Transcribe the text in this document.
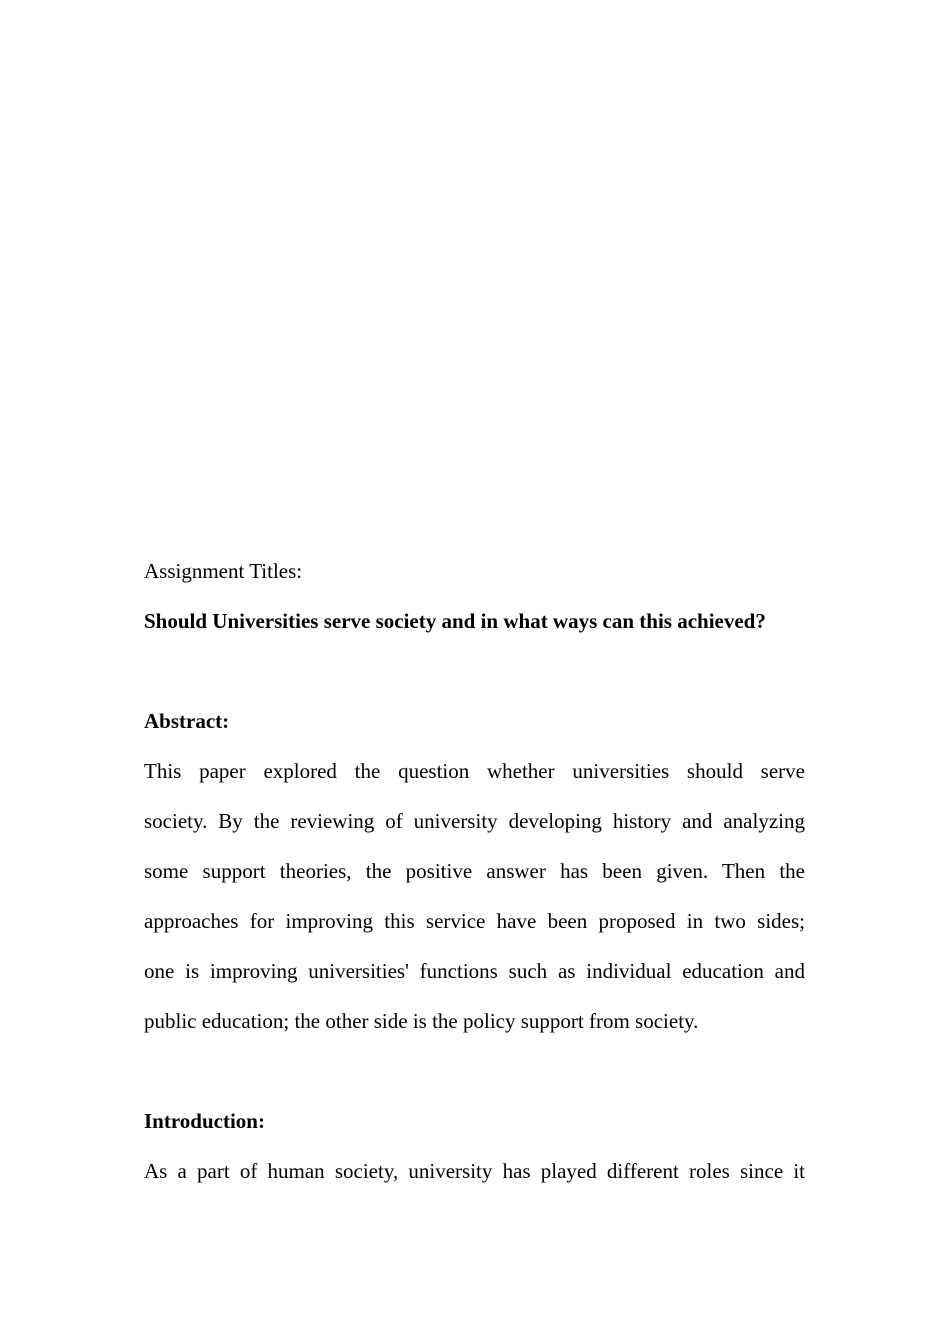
Assignment Titles:

Should Universities serve society and in what ways can this achieved?

Abstract:

This paper explored the question whether universities should serve

society. By the reviewing of university developing history and analyzing

some support theories, the positive answer has been given. Then the

approaches for improving this service have been proposed in two sides;

one is improving universities' functions such as individual education and

public education; the other side is the policy support from society.

Introduction:

As a part of human society, university has played different roles since it
